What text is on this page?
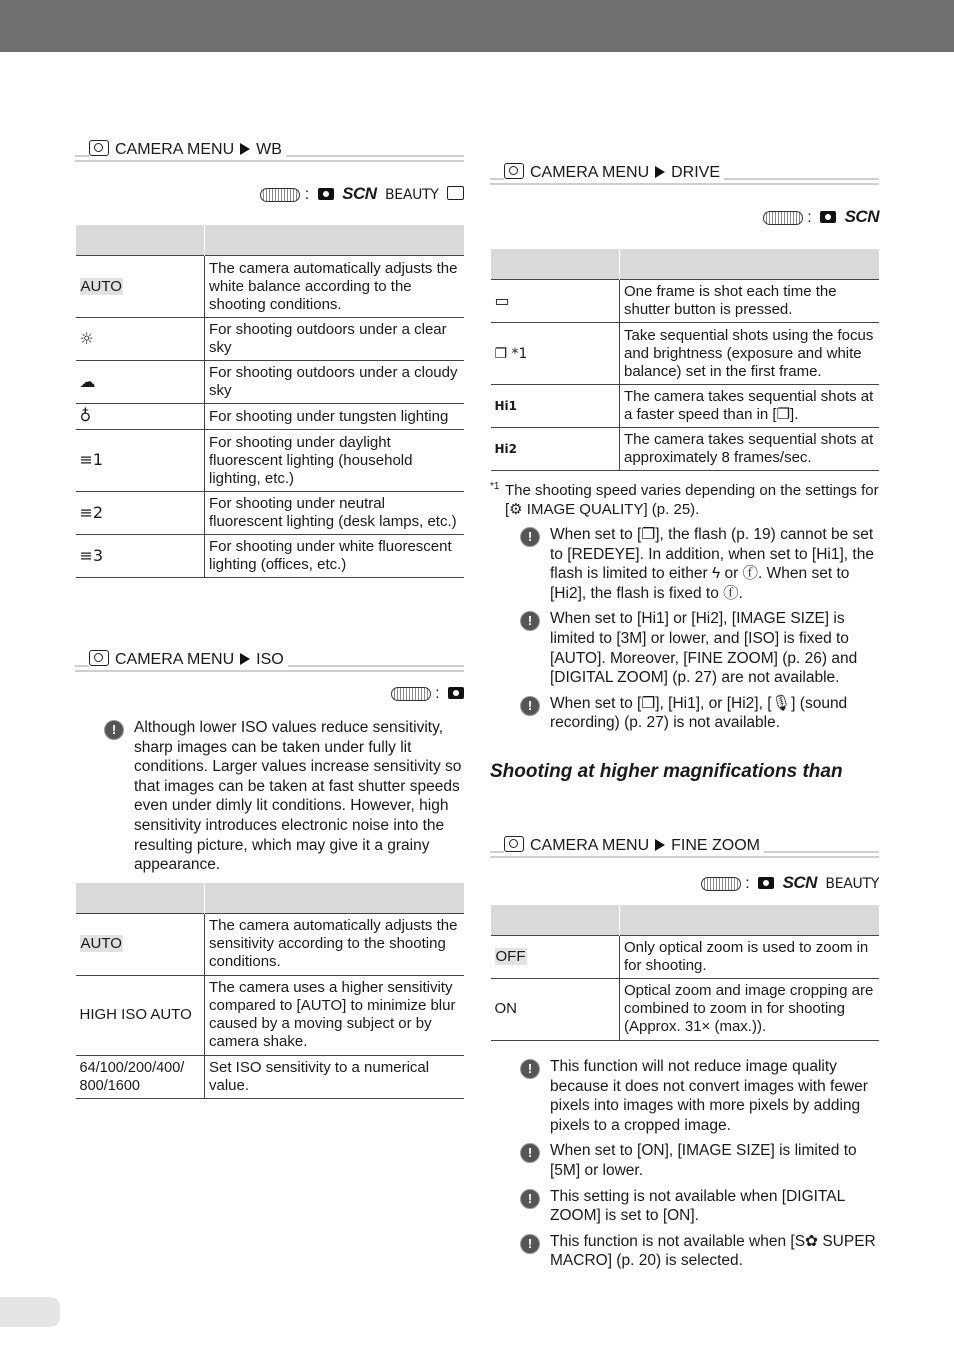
CAMERA MENU WB
: SCN BEAUTY

AUTO	The camera automatically adjusts the white balance according to the shooting conditions.
☼	For shooting outdoors under a clear sky
☁	For shooting outdoors under a cloudy sky
♁	For shooting under tungsten lighting
≡1	For shooting under daylight fluorescent lighting (household lighting, etc.)
≡2	For shooting under neutral fluorescent lighting (desk lamps, etc.)
≡3	For shooting under white fluorescent lighting (offices, etc.)
CAMERA MENU ISO
:
!	Although lower ISO values reduce sensitivity, sharp images can be taken under fully lit conditions. Larger values increase sensitivity so that images can be taken at fast shutter speeds even under dimly lit conditions. However, high sensitivity introduces electronic noise into the resulting picture, which may give it a grainy appearance.

AUTO	The camera automatically adjusts the sensitivity according to the shooting conditions.
HIGH ISO AUTO	The camera uses a higher sensitivity compared to [AUTO] to minimize blur caused by a moving subject or by camera shake.
64/100/200/400/ 800/1600	Set ISO sensitivity to a numerical value.
CAMERA MENU DRIVE
: SCN

▭	One frame is shot each time the shutter button is pressed.
❐ *1	Take sequential shots using the focus and brightness (exposure and white balance) set in the first frame.
Hi1	The camera takes sequential shots at a faster speed than in [❐].
Hi2	The camera takes sequential shots at approximately 8 frames/sec.
*1 The shooting speed varies depending on the settings for [⚙ IMAGE QUALITY] (p. 25).
!	When set to [❐], the flash (p. 19) cannot be set to [REDEYE]. In addition, when set to [Hi1], the flash is limited to either ϟ or ⓕ. When set to [Hi2], the flash is fixed to ⓕ.
!	When set to [Hi1] or [Hi2], [IMAGE SIZE] is limited to [3M] or lower, and [ISO] is fixed to [AUTO]. Moreover, [FINE ZOOM] (p. 26) and [DIGITAL ZOOM] (p. 27) are not available.
!	When set to [❐], [Hi1], or [Hi2], [🎙] (sound recording) (p. 27) is not available.
Shooting at higher magnifications than
CAMERA MENU FINE ZOOM
: SCN BEAUTY

OFF	Only optical zoom is used to zoom in for shooting.
ON	Optical zoom and image cropping are combined to zoom in for shooting (Approx. 31× (max.)).
!	This function will not reduce image quality because it does not convert images with fewer pixels into images with more pixels by adding pixels to a cropped image.
!	When set to [ON], [IMAGE SIZE] is limited to [5M] or lower.
!	This setting is not available when [DIGITAL ZOOM] is set to [ON].
!	This function is not available when [S✿ SUPER MACRO] (p. 20) is selected.
